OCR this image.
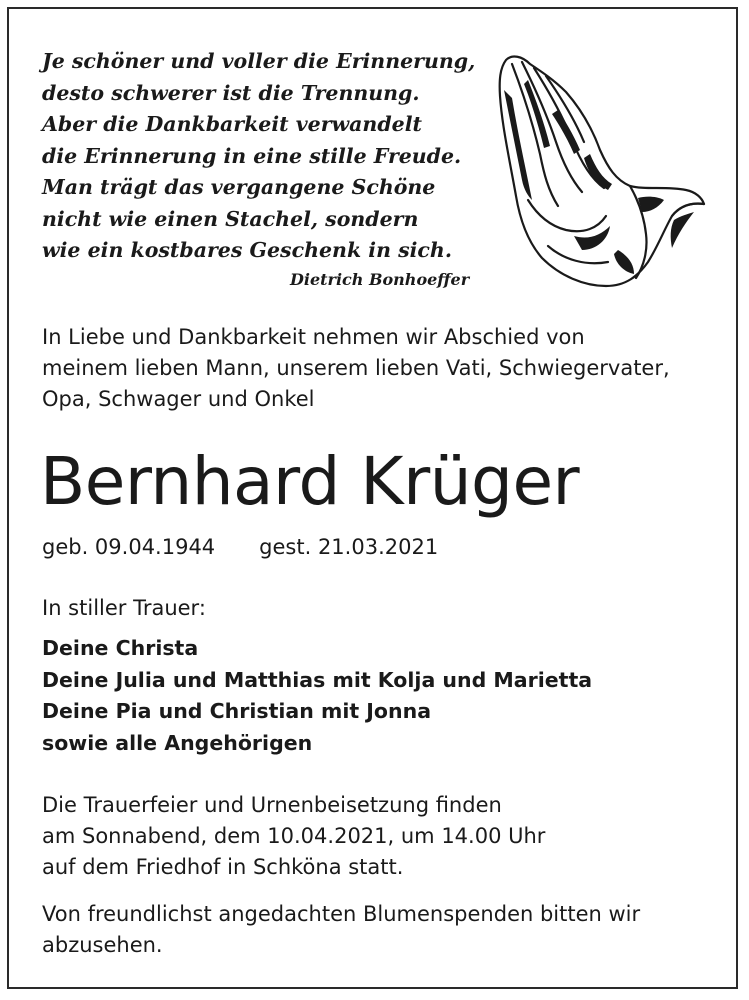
Je schöner und voller die Erinnerung,
desto schwerer ist die Trennung.
Aber die Dankbarkeit verwandelt
die Erinnerung in eine stille Freude.
Man trägt das vergangene Schöne
nicht wie einen Stachel, sondern
wie ein kostbares Geschenk in sich.
Dietrich Bonhoeffer
In Liebe und Dankbarkeit nehmen wir Abschied von
meinem lieben Mann, unserem lieben Vati, Schwiegervater,
Opa, Schwager und Onkel
Bernhard Krüger
geb. 09.04.1944 gest. 21.03.2021
In stiller Trauer:
Deine Christa
Deine Julia und Matthias mit Kolja und Marietta
Deine Pia und Christian mit Jonna
sowie alle Angehörigen
Die Trauerfeier und Urnenbeisetzung finden
am Sonnabend, dem 10.04.2021, um 14.00 Uhr
auf dem Friedhof in Schköna statt.
Von freundlichst angedachten Blumenspenden bitten wir
abzusehen.
